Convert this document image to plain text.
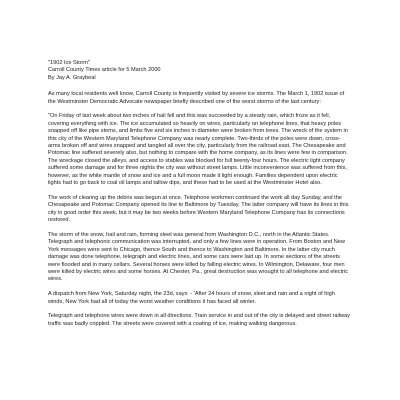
"1902 Ice Storm"
Carroll County Times article for 5 March 2000
By Jay A. Graybeal

As many local residents well know, Carroll County is frequently visited by severe ice storms. The March 1, 1902 issue of the Westminster Democratic Advocate newspaper briefly described one of the worst storms of the last century:

"On Friday of last week about two inches of hail fell and this was succeeded by a steady rain, which froze as it fell, covering everything with ice. The ice accumulated so heavily on wires, particularly on telephone lines, that heavy poles snapped off like pipe stems, and limbs five and six inches in diameter were broken from trees. The wreck of the system in this city of the Western Maryland Telephone Company was nearly complete. Two-thirds of the poles were down, cross-arms broken off and wires snapped and tangled all over the city, particularly from the railroad east. The Chesapeake and Potomac line suffered severely also, but nothing to compare with the home company, as its lines were few in comparison. The wreckage closed the alleys, and access to stables was blocked for full twenty-four hours. The electric light company suffered some damage and for three nights the city was without street lamps. Little inconvenience was suffered from this, however, as the white mantle of snow and ice and a full moon made it light enough. Families dependent upon electric lights had to go back to coal oil lamps and tallow dips, and these had to be used at the Westminster Hotel also.

The work of clearing up the debris was begun at once. Telephone workmen continued the work all day Sunday, and the Chesapeake and Potomac Company opened its line to Baltimore by Tuesday. The latter company will have its lines in this city in good order this week, but it may be two weeks before Western Maryland Telephone Company has its connections restored.

The storm of the snow, hail and rain, forming sleet was general from Washington D.C., north in the Atlantic States. Telegraph and telephonic communication was interrupted, and only a few lines were in operation. From Boston and New York messages were sent to Chicago, thence South and thence to Washington and Baltimore. In the latter city much damage was done telephone, telegraph and electric lines, and some cars were laid up. In some sections of the streets were flooded and in many cellars. Several horses were killed by falling electric wires. In Wilmington, Delaware, four men were killed by electric wires and some horses. At Chester, Pa., great destruction was wrought to all telephone and electric wires.

A dispatch from New York, Saturday night, the 23d, says: - 'After 24 hours of snow, sleet and rain and a night of high winds, New York had all of today the worst weather conditions it has faced all winter.

Telegraph and telephone wires were down in all directions. Train service in and out of the city is delayed and street railway traffic was badly crippled. The streets were covered with a coating of ice, making walking dangerous.
